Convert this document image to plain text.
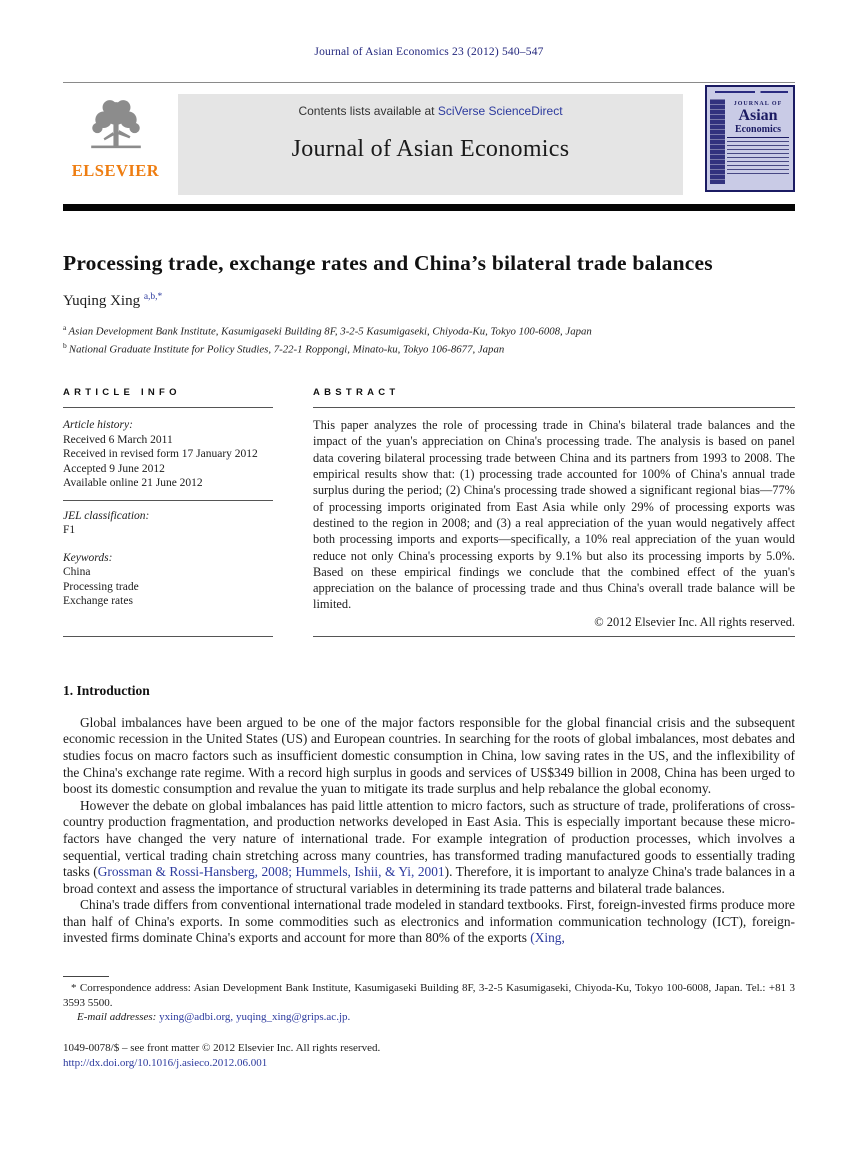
Journal of Asian Economics 23 (2012) 540–547
ELSEVIER
Contents lists available at SciVerse ScienceDirect
Journal of Asian Economics
JOURNAL OF
Asian
Economics
Processing trade, exchange rates and China’s bilateral trade balances
Yuqing Xing $^{a,b,*}$
$^a$  Asian Development Bank Institute, Kasumigaseki Building 8F, 3-2-5 Kasumigaseki, Chiyoda-Ku, Tokyo 100-6008, Japan
$^b$  National Graduate Institute for Policy Studies, 7-22-1 Roppongi, Minato-ku, Tokyo 106-8677, Japan
ARTICLE INFO
Article history:
Received 6 March 2011
Received in revised form 17 January 2012
Accepted 9 June 2012
Available online 21 June 2012
JEL classification:
F1
Keywords:
China
Processing trade
Exchange rates
ABSTRACT
This paper analyzes the role of processing trade in China's bilateral trade balances and the impact of the yuan's appreciation on China's processing trade. The analysis is based on panel data covering bilateral processing trade between China and its partners from 1993 to 2008. The empirical results show that: (1) processing trade accounted for 100% of China's annual trade surplus during the period; (2) China's processing trade showed a significant regional bias—77% of processing imports originated from East Asia while only 29% of processing exports was destined to the region in 2008; and (3) a real appreciation of the yuan would negatively affect both processing imports and exports—specifically, a 10% real appreciation of the yuan would reduce not only China's processing exports by 9.1% but also its processing imports by 5.0%. Based on these empirical findings we conclude that the combined effect of the yuan's appreciation on the balance of processing trade and thus China's overall trade balance will be limited.
© 2012 Elsevier Inc. All rights reserved.
1. Introduction

Global imbalances have been argued to be one of the major factors responsible for the global financial crisis and the subsequent economic recession in the United States (US) and European countries. In searching for the roots of global imbalances, most debates and studies focus on macro factors such as insufficient domestic consumption in China, low saving rates in the US, and the inflexibility of the China's exchange rate regime. With a record high surplus in goods and services of US$349 billion in 2008, China has been urged to boost its domestic consumption and revalue the yuan to mitigate its trade surplus and help rebalance the global economy.

However the debate on global imbalances has paid little attention to micro factors, such as structure of trade, proliferations of cross-country production fragmentation, and production networks developed in East Asia. This is especially important because these micro-factors have changed the very nature of international trade. For example integration of production processes, which involves a sequential, vertical trading chain stretching across many countries, has transformed trading manufactured goods to essentially trading tasks (Grossman & Rossi-Hansberg, 2008; Hummels, Ishii, & Yi, 2001). Therefore, it is important to analyze China's trade balances in a broad context and assess the importance of structural variables in determining its trade patterns and bilateral trade balances.

China's trade differs from conventional international trade modeled in standard textbooks. First, foreign-invested firms produce more than half of China's exports. In some commodities such as electronics and information communication technology (ICT), foreign-invested firms dominate China's exports and account for more than 80% of the exports (Xing,

* Correspondence address: Asian Development Bank Institute, Kasumigaseki Building 8F, 3-2-5 Kasumigaseki, Chiyoda-Ku, Tokyo 100-6008, Japan. Tel.: +81 3 3593 5500.
E-mail addresses: yxing@adbi.org, yuqing_xing@grips.ac.jp.
1049-0078/$ – see front matter © 2012 Elsevier Inc. All rights reserved.
http://dx.doi.org/10.1016/j.asieco.2012.06.001
